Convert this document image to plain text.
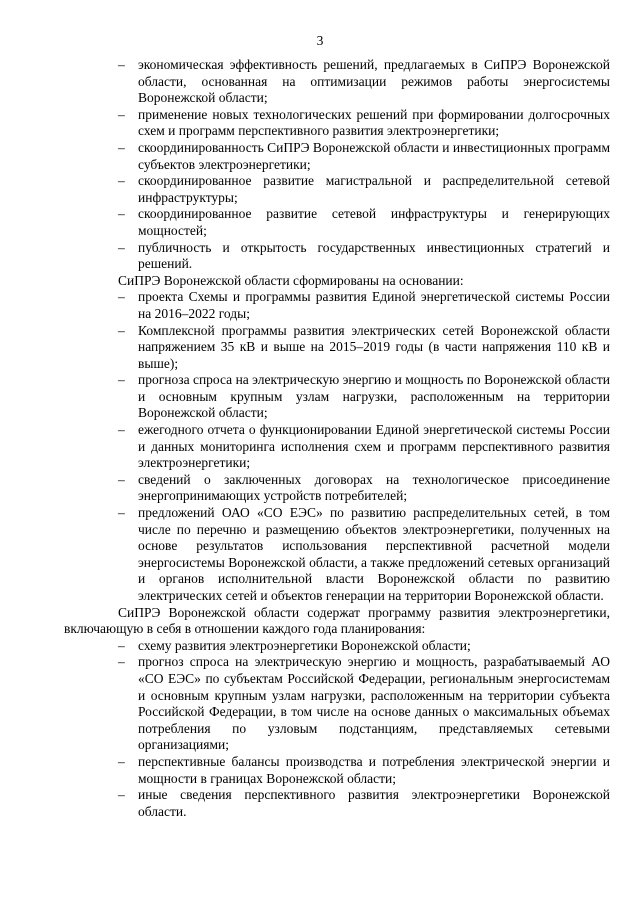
3
– экономическая эффективность решений, предлагаемых в СиПРЭ Воронежской области, основанная на оптимизации режимов работы энергосистемы Воронежской области;
– применение новых технологических решений при формировании долгосрочных схем и программ перспективного развития электроэнергетики;
– скоординированность СиПРЭ Воронежской области и инвестиционных программ субъектов электроэнергетики;
– скоординированное развитие магистральной и распределительной сетевой инфраструктуры;
– скоординированное развитие сетевой инфраструктуры и генерирующих мощностей;
– публичность и открытость государственных инвестиционных стратегий и решений.

СиПРЭ Воронежской области сформированы на основании:

– проекта Схемы и программы развития Единой энергетической системы России на 2016–2022 годы;
– Комплексной программы развития электрических сетей Воронежской области напряжением 35 кВ и выше на 2015–2019 годы (в части напряжения 110 кВ и выше);
– прогноза спроса на электрическую энергию и мощность по Воронежской области и основным крупным узлам нагрузки, расположенным на территории Воронежской области;
– ежегодного отчета о функционировании Единой энергетической системы России и данных мониторинга исполнения схем и программ перспективного развития электроэнергетики;
– сведений о заключенных договорах на технологическое присоединение энергопринимающих устройств потребителей;
– предложений ОАО «СО ЕЭС» по развитию распределительных сетей, в том числе по перечню и размещению объектов электроэнергетики, полученных на основе результатов использования перспективной расчетной модели энергосистемы Воронежской области, а также предложений сетевых организаций и органов исполнительной власти Воронежской области по развитию электрических сетей и объектов генерации на территории Воронежской области.

СиПРЭ Воронежской области содержат программу развития электроэнергетики, включающую в себя в отношении каждого года планирования:

– схему развития электроэнергетики Воронежской области;
– прогноз спроса на электрическую энергию и мощность, разрабатываемый АО «СО ЕЭС» по субъектам Российской Федерации, региональным энергосистемам и основным крупным узлам нагрузки, расположенным на территории субъекта Российской Федерации, в том числе на основе данных о максимальных объемах потребления по узловым подстанциям, представляемых сетевыми организациями;
– перспективные балансы производства и потребления электрической энергии и мощности в границах Воронежской области;
– иные сведения перспективного развития электроэнергетики Воронежской области.
